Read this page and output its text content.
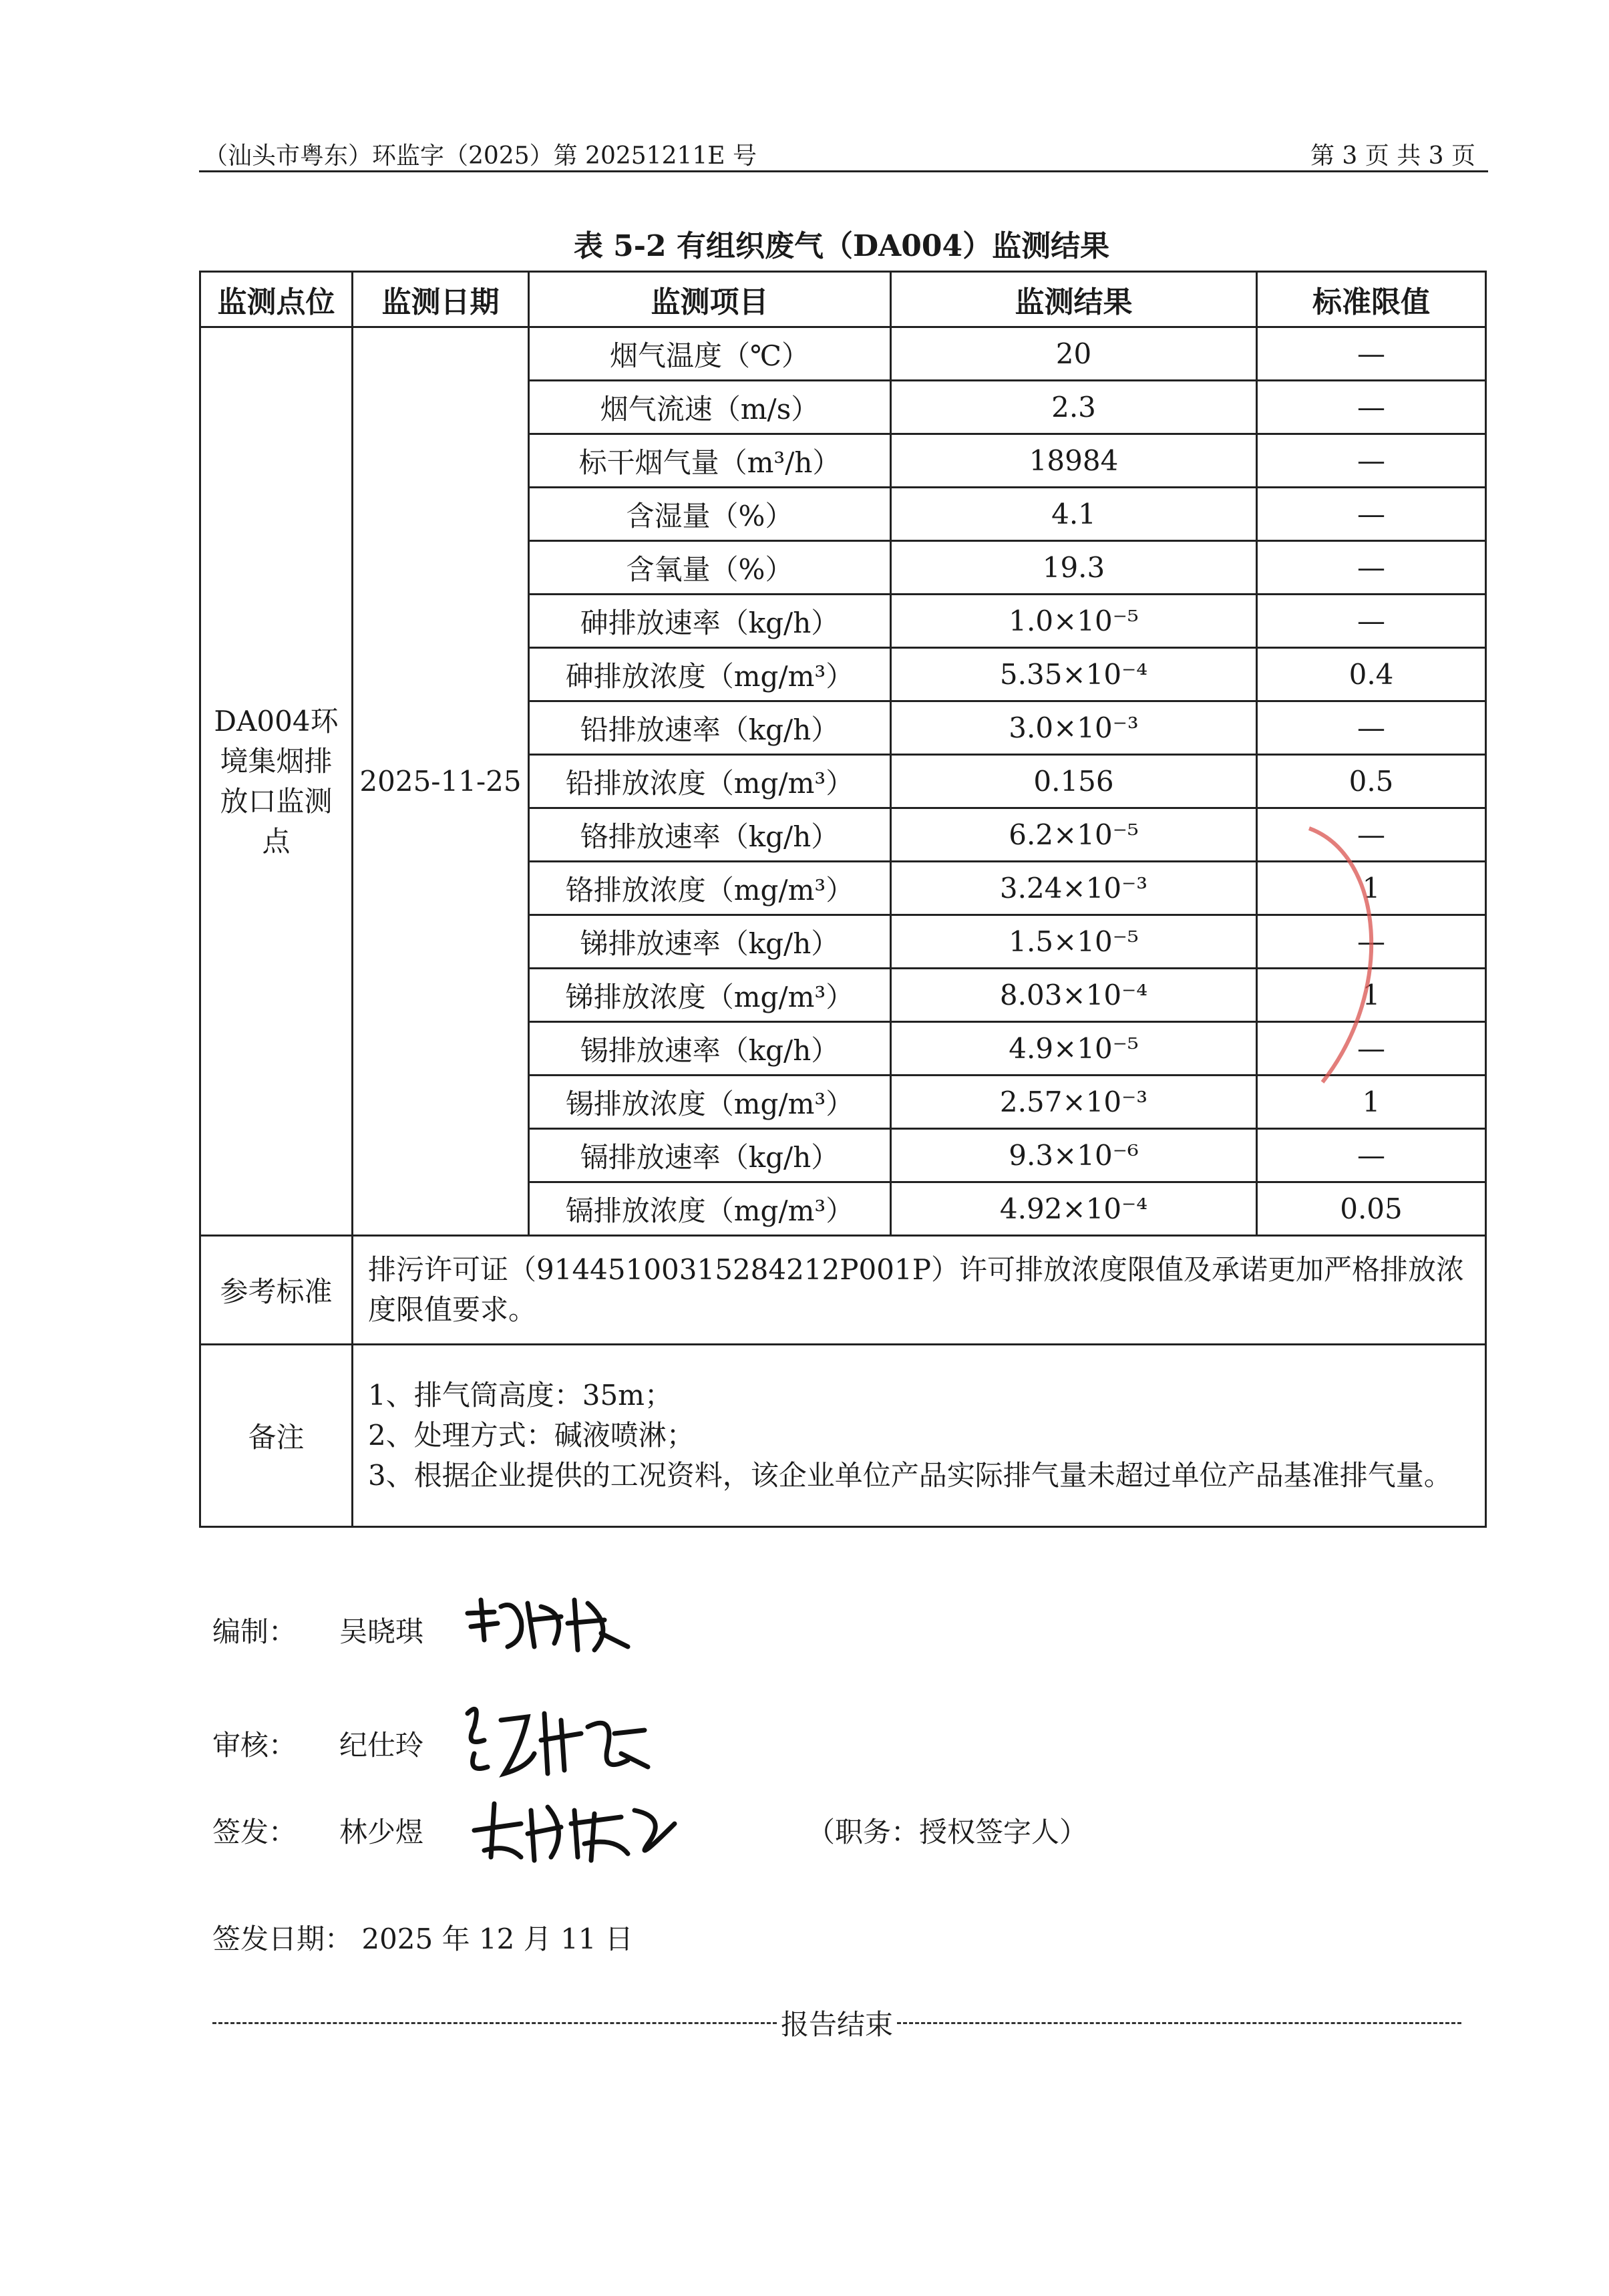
（汕头市粤东）环监字（2025）第 20251211E 号	第 3 页 共 3 页
表 5-2 有组织废气（DA004）监测结果
监测点位	监测日期	监测项目	监测结果	标准限值
DA004环境集烟排放口监测点	2025-11-25	烟气温度（℃）	20	—
		烟气流速（m/s）	2.3	—
		标干烟气量（m³/h）	18984	—
		含湿量（%）	4.1	—
		含氧量（%）	19.3	—
		砷排放速率（kg/h）	1.0×10⁻⁵	—
		砷排放浓度（mg/m³）	5.35×10⁻⁴	0.4
		铅排放速率（kg/h）	3.0×10⁻³	—
		铅排放浓度（mg/m³）	0.156	0.5
		铬排放速率（kg/h）	6.2×10⁻⁵	—
		铬排放浓度（mg/m³）	3.24×10⁻³	1
		锑排放速率（kg/h）	1.5×10⁻⁵	—
		锑排放浓度（mg/m³）	8.03×10⁻⁴	1
		锡排放速率（kg/h）	4.9×10⁻⁵	—
		锡排放浓度（mg/m³）	2.57×10⁻³	1
		镉排放速率（kg/h）	9.3×10⁻⁶	—
		镉排放浓度（mg/m³）	4.92×10⁻⁴	0.05
参考标准	排污许可证（91445100315284212P001P）许可排放浓度限值及承诺更加严格排放浓度限值要求。			
备注	1、排气筒高度：35m；
2、处理方式：碱液喷淋；
3、根据企业提供的工况资料，该企业单位产品实际排气量未超过单位产品基准排气量。			
编制： 吴晓琪
审核： 纪仕玲
签发： 林少煜	（职务：授权签字人）
签发日期： 2025 年 12 月 11 日
报告结束
